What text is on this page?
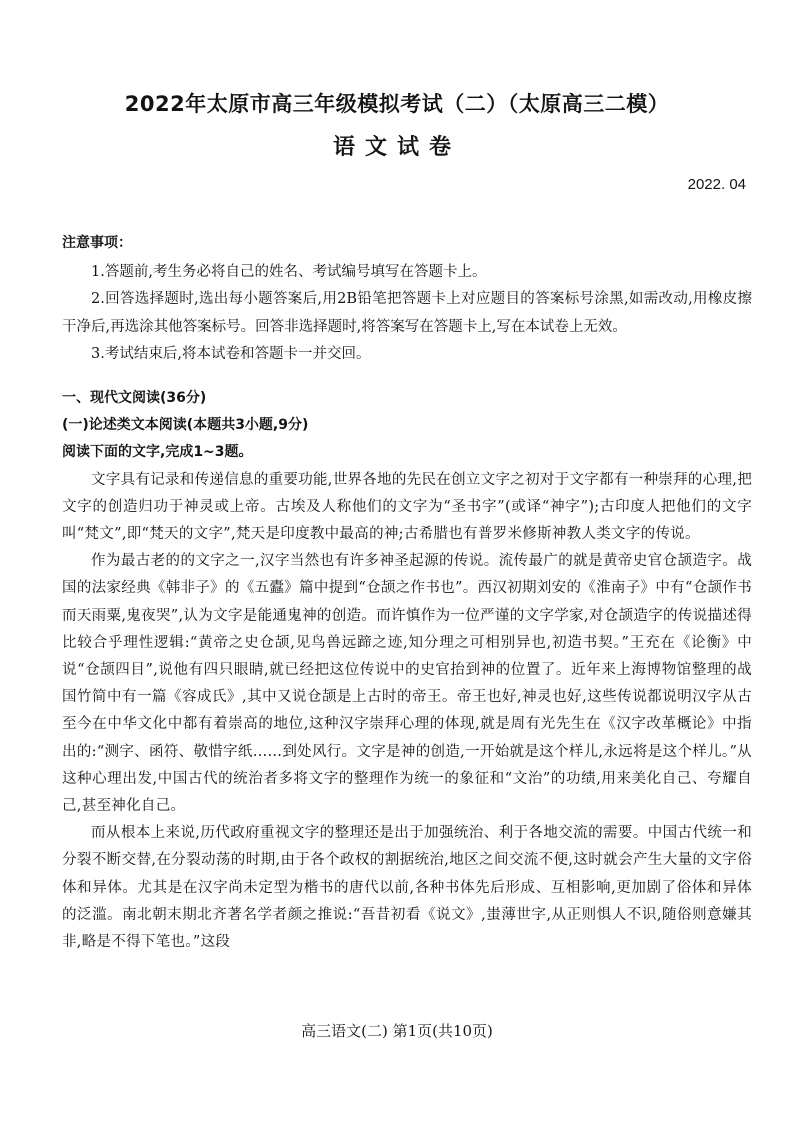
2022年太原市高三年级模拟考试（二）（太原高三二模）
语文试卷
2022. 04
注意事项：

1.答题前,考生务必将自己的姓名、考试编号填写在答题卡上。

2.回答选择题时,选出每小题答案后,用2B铅笔把答题卡上对应题目的答案标号涂黑,如需改动,用橡皮擦干净后,再选涂其他答案标号。回答非选择题时,将答案写在答题卡上,写在本试卷上无效。

3.考试结束后,将本试卷和答题卡一并交回。

一、现代文阅读(36分)
(一)论述类文本阅读(本题共3小题,9分)
阅读下面的文字,完成1~3题。

文字具有记录和传递信息的重要功能,世界各地的先民在创立文字之初对于文字都有一种崇拜的心理,把文字的创造归功于神灵或上帝。古埃及人称他们的文字为“圣书字”(或译“神字”);古印度人把他们的文字叫“梵文”,即“梵天的文字”,梵天是印度教中最高的神;古希腊也有普罗米修斯神教人类文字的传说。

作为最古老的的文字之一,汉字当然也有许多神圣起源的传说。流传最广的就是黄帝史官仓颉造字。战国的法家经典《韩非子》的《五蠹》篇中提到“仓颉之作书也”。西汉初期刘安的《淮南子》中有“仓颉作书而天雨粟,鬼夜哭”,认为文字是能通鬼神的创造。而许慎作为一位严谨的文字学家,对仓颉造字的传说描述得比较合乎理性逻辑:“黄帝之史仓颉,见鸟兽远蹄之迹,知分理之可相别异也,初造书契。”王充在《论衡》中说“仓颉四目”,说他有四只眼睛,就已经把这位传说中的史官抬到神的位置了。近年来上海博物馆整理的战国竹简中有一篇《容成氏》,其中又说仓颉是上古时的帝王。帝王也好,神灵也好,这些传说都说明汉字从古至今在中华文化中都有着崇高的地位,这种汉字崇拜心理的体现,就是周有光先生在《汉字改革概论》中指出的:“测字、函符、敬惜字纸……到处风行。文字是神的创造,一开始就是这个样儿,永远将是这个样儿。”从这种心理出发,中国古代的统治者多将文字的整理作为统一的象征和“文治”的功绩,用来美化自己、夸耀自己,甚至神化自己。

而从根本上来说,历代政府重视文字的整理还是出于加强统治、利于各地交流的需要。中国古代统一和分裂不断交替,在分裂动荡的时期,由于各个政权的割据统治,地区之间交流不便,这时就会产生大量的文字俗体和异体。尤其是在汉字尚未定型为楷书的唐代以前,各种书体先后形成、互相影响,更加剧了俗体和异体的泛滥。南北朝末期北齐著名学者颜之推说:“吾昔初看《说文》,蚩薄世字,从正则惧人不识,随俗则意嫌其非,略是不得下笔也。”这段

高三语文(二) 第1页(共10页)
